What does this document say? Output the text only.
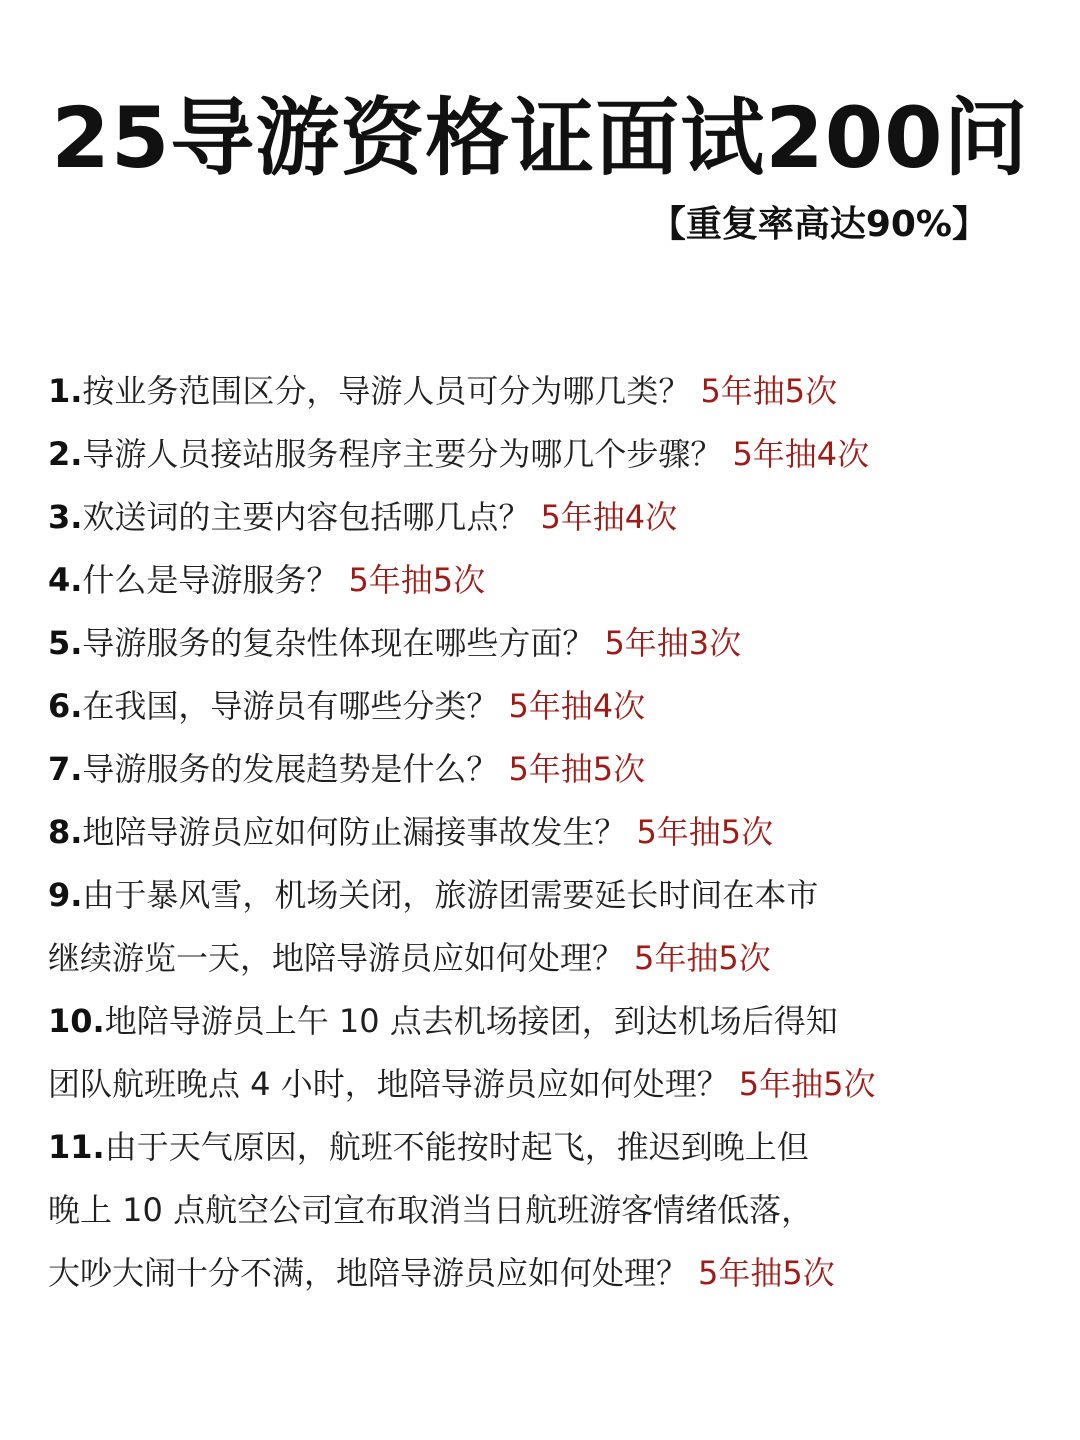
25导游资格证面试200问
【重复率高达90%】
1.按业务范围区分，导游人员可分为哪几类？ 5年抽5次
2.导游人员接站服务程序主要分为哪几个步骤？ 5年抽4次
3.欢送词的主要内容包括哪几点？ 5年抽4次
4.什么是导游服务？ 5年抽5次
5.导游服务的复杂性体现在哪些方面？ 5年抽3次
6.在我国，导游员有哪些分类？ 5年抽4次
7.导游服务的发展趋势是什么？ 5年抽5次
8.地陪导游员应如何防止漏接事故发生？ 5年抽5次
9.由于暴风雪，机场关闭，旅游团需要延长时间在本市
继续游览一天，地陪导游员应如何处理？ 5年抽5次
10.地陪导游员上午 10 点去机场接团，到达机场后得知
团队航班晚点 4 小时，地陪导游员应如何处理？ 5年抽5次
11.由于天气原因，航班不能按时起飞，推迟到晚上但
晚上 10 点航空公司宣布取消当日航班游客情绪低落，
大吵大闹十分不满，地陪导游员应如何处理？ 5年抽5次
